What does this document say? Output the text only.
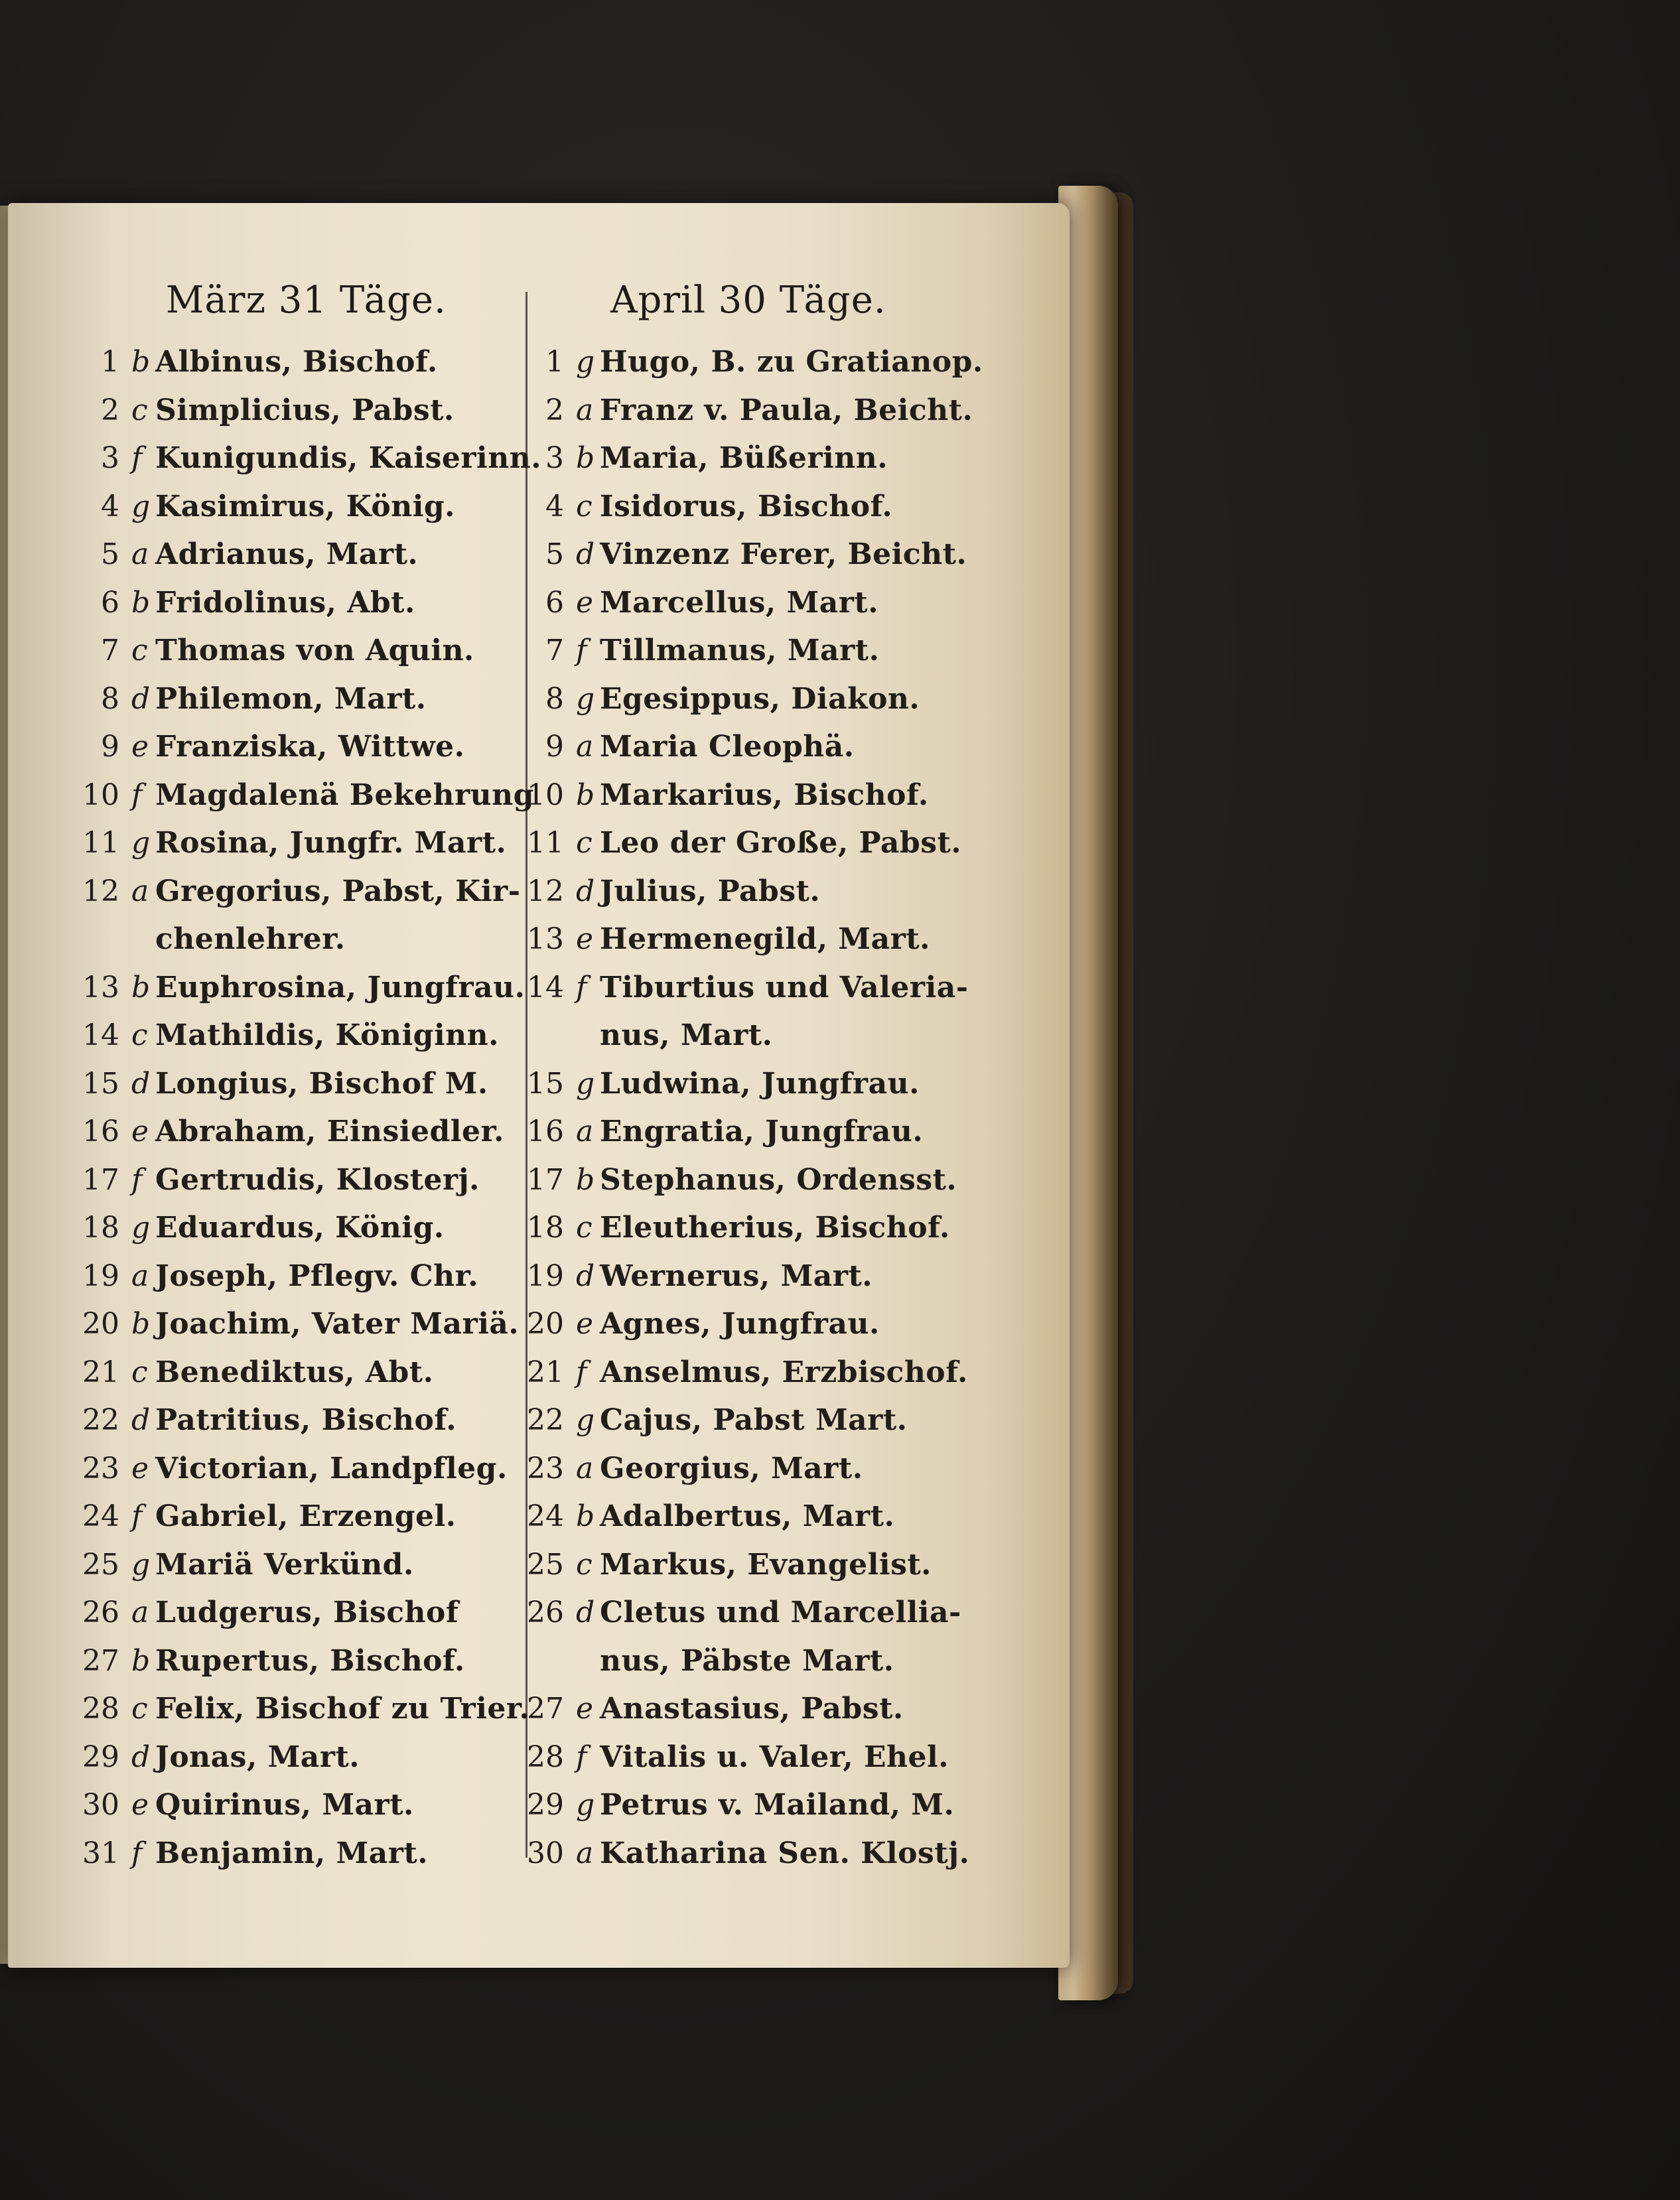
März 31 Täge.	April 30 Täge.
1 b Albinus, Bischof.
2 c Simplicius, Pabst.
3 f Kunigundis, Kaiserinn.
4 g Kasimirus, König.
5 a Adrianus, Mart.
6 b Fridolinus, Abt.
7 c Thomas von Aquin.
8 d Philemon, Mart.
9 e Franziska, Wittwe.
10 f Magdalenä Bekehrung
11 g Rosina, Jungfr. Mart.
12 a Gregorius, Pabst, Kir-
chenlehrer.
13 b Euphrosina, Jungfrau.
14 c Mathildis, Königinn.
15 d Longius, Bischof M.
16 e Abraham, Einsiedler.
17 f Gertrudis, Klosterj.
18 g Eduardus, König.
19 a Joseph, Pflegv. Chr.
20 b Joachim, Vater Mariä.
21 c Benediktus, Abt.
22 d Patritius, Bischof.
23 e Victorian, Landpfleg.
24 f Gabriel, Erzengel.
25 g Mariä Verkünd.
26 a Ludgerus, Bischof
27 b Rupertus, Bischof.
28 c Felix, Bischof zu Trier.
29 d Jonas, Mart.
30 e Quirinus, Mart.
31 f Benjamin, Mart.
1 g Hugo, B. zu Gratianop.
2 a Franz v. Paula, Beicht.
3 b Maria, Büßerinn.
4 c Isidorus, Bischof.
5 d Vinzenz Ferer, Beicht.
6 e Marcellus, Mart.
7 f Tillmanus, Mart.
8 g Egesippus, Diakon.
9 a Maria Cleophä.
10 b Markarius, Bischof.
11 c Leo der Große, Pabst.
12 d Julius, Pabst.
13 e Hermenegild, Mart.
14 f Tiburtius und Valeria-
nus, Mart.
15 g Ludwina, Jungfrau.
16 a Engratia, Jungfrau.
17 b Stephanus, Ordensst.
18 c Eleutherius, Bischof.
19 d Wernerus, Mart.
20 e Agnes, Jungfrau.
21 f Anselmus, Erzbischof.
22 g Cajus, Pabst Mart.
23 a Georgius, Mart.
24 b Adalbertus, Mart.
25 c Markus, Evangelist.
26 d Cletus und Marcellia-
nus, Päbste Mart.
27 e Anastasius, Pabst.
28 f Vitalis u. Valer, Ehel.
29 g Petrus v. Mailand, M.
30 a Katharina Sen. Klostj.
